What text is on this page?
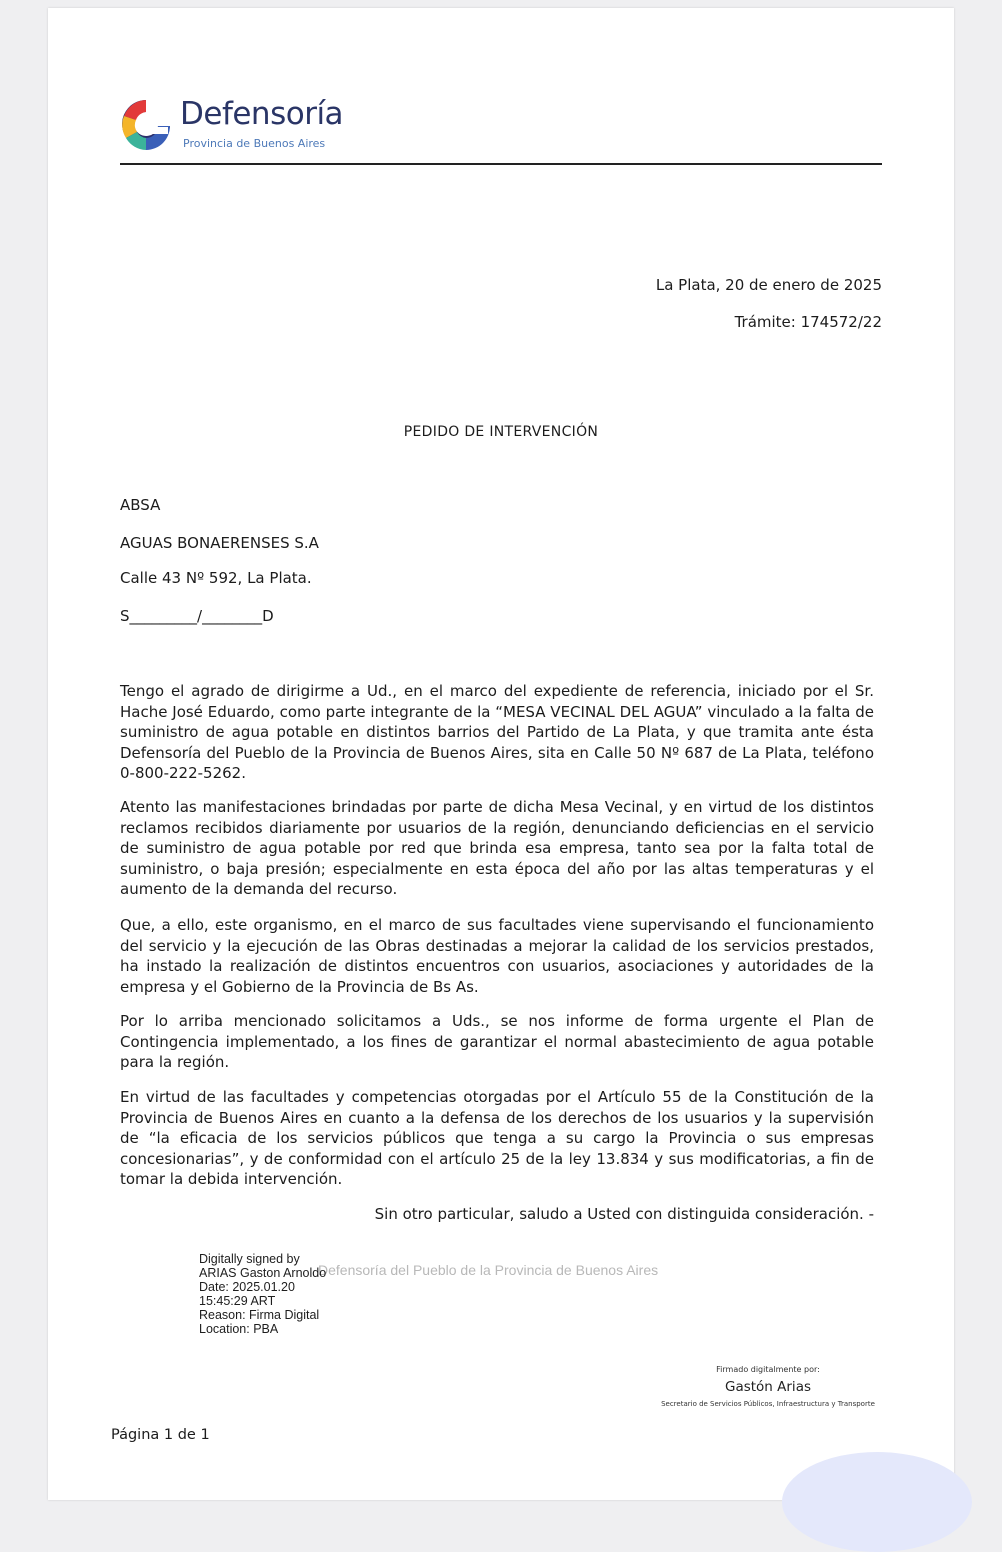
Defensoría
Provincia de Buenos Aires
La Plata, 20 de enero de 2025
Trámite: 174572/22
PEDIDO DE INTERVENCIÓN
ABSA
AGUAS BONAERENSES S.A
Calle 43 Nº 592, La Plata.
S_________/________D

Tengo el agrado de dirigirme a Ud., en el marco del expediente de referencia, iniciado por el Sr. Hache José Eduardo, como parte integrante de la “MESA VECINAL DEL AGUA” vinculado a la falta de suministro de agua potable en distintos barrios del Partido de La Plata, y que tramita ante ésta Defensoría del Pueblo de la Provincia de Buenos Aires, sita en Calle 50 Nº 687 de La Plata, teléfono 0-800-222-5262.

Atento las manifestaciones brindadas por parte de dicha Mesa Vecinal, y en virtud de los distintos reclamos recibidos diariamente por usuarios de la región, denunciando deficiencias en el servicio de suministro de agua potable por red que brinda esa empresa, tanto sea por la falta total de suministro, o baja presión; especialmente en esta época del año por las altas temperaturas y el aumento de la demanda del recurso.

Que, a ello, este organismo, en el marco de sus facultades viene supervisando el funcionamiento del servicio y la ejecución de las Obras destinadas a mejorar la calidad de los servicios prestados, ha instado la realización de distintos encuentros con usuarios, asociaciones y autoridades de la empresa y el Gobierno de la Provincia de Bs As.

Por lo arriba mencionado solicitamos a Uds., se nos informe de forma urgente el Plan de Contingencia implementado, a los fines de garantizar el normal abastecimiento de agua potable para la región.

En virtud de las facultades y competencias otorgadas por el Artículo 55 de la Constitución de la Provincia de Buenos Aires en cuanto a la defensa de los derechos de los usuarios y la supervisión de “la eficacia de los servicios públicos que tenga a su cargo la Provincia o sus empresas concesionarias”, y de conformidad con el artículo 25 de la ley 13.834 y sus modificatorias, a fin de tomar la debida intervención.

Sin otro particular, saludo a Usted con distinguida consideración. -
Defensoría del Pueblo de la Provincia de Buenos Aires
Digitally signed by
ARIAS Gaston Arnoldo
Date: 2025.01.20
15:45:29 ART
Reason: Firma Digital
Location: PBA
Firmado digitalmente por:
Gastón Arias
Secretario de Servicios Públicos, Infraestructura y Transporte
Página 1 de 1
